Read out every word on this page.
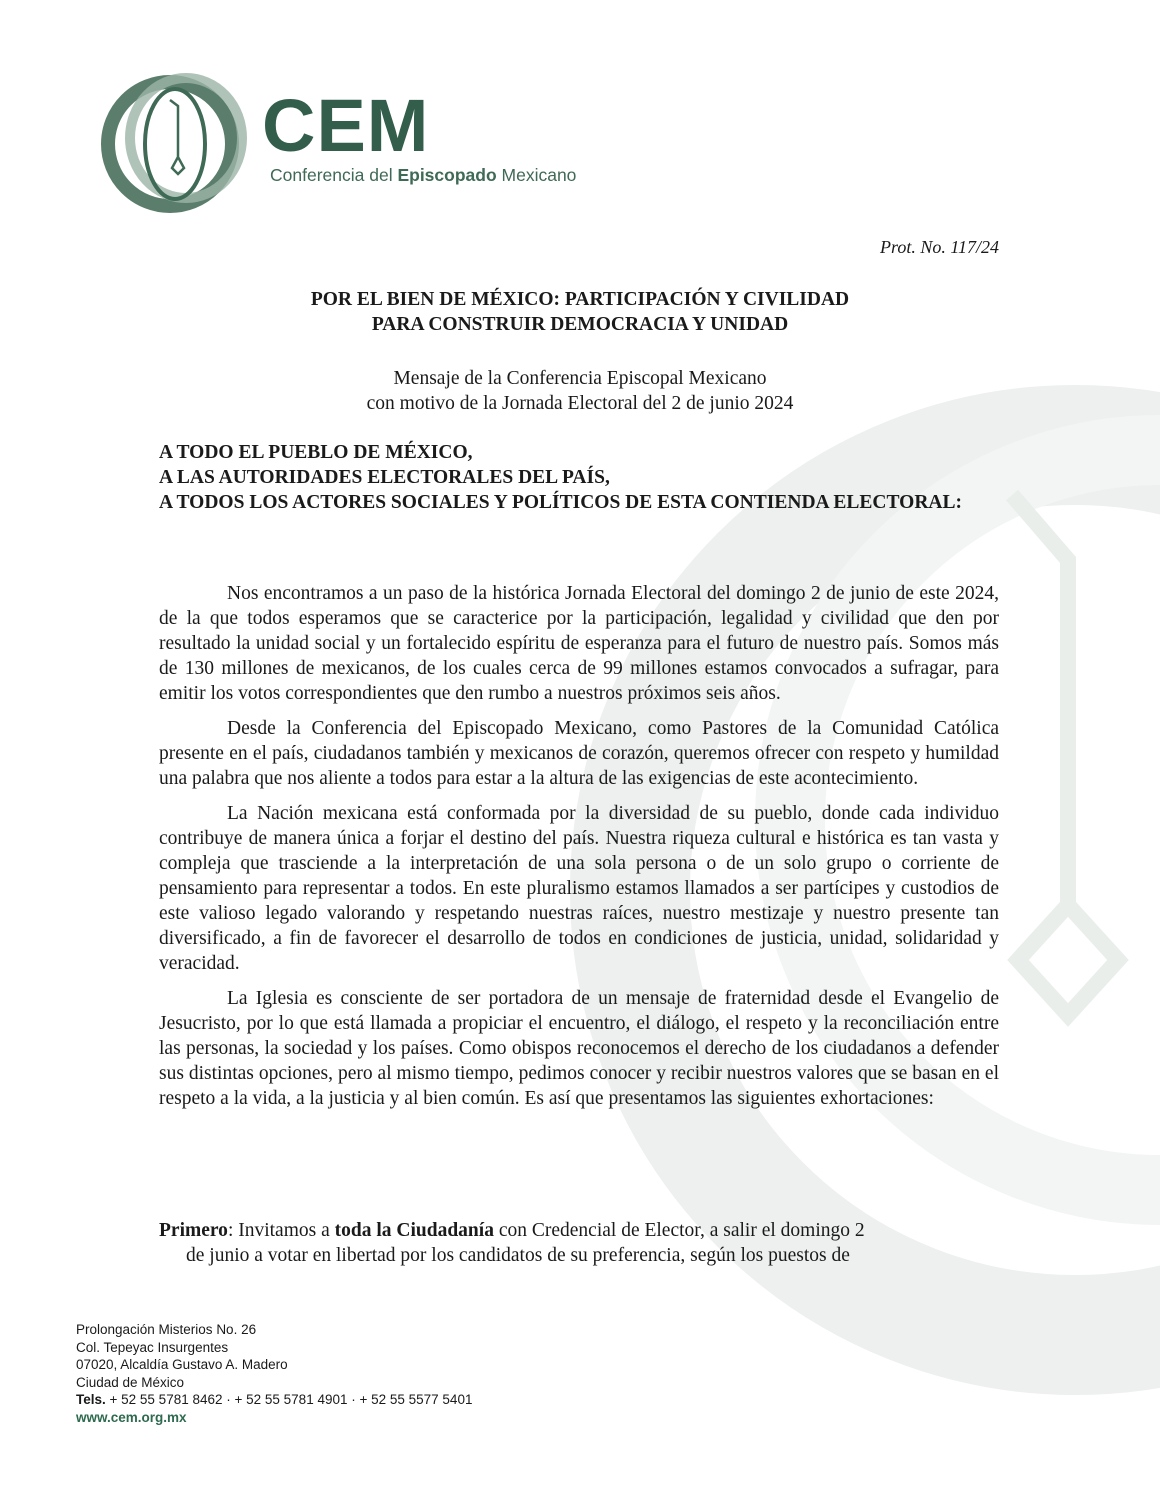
CEM
Conferencia del Episcopado Mexicano
Prot. No. 117/24
POR EL BIEN DE MÉXICO: PARTICIPACIÓN Y CIVILIDAD
PARA CONSTRUIR DEMOCRACIA Y UNIDAD
Mensaje de la Conferencia Episcopal Mexicano
con motivo de la Jornada Electoral del 2 de junio 2024
A TODO EL PUEBLO DE MÉXICO,
A LAS AUTORIDADES ELECTORALES DEL PAÍS,
A TODOS LOS ACTORES SOCIALES Y POLÍTICOS DE ESTA CONTIENDA ELECTORAL:

Nos encontramos a un paso de la histórica Jornada Electoral del domingo 2 de junio de este 2024, de la que todos esperamos que se caracterice por la participación, legalidad y civilidad que den por resultado la unidad social y un fortalecido espíritu de esperanza para el futuro de nuestro país. Somos más de 130 millones de mexicanos, de los cuales cerca de 99 millones estamos convocados a sufragar, para emitir los votos correspondientes que den rumbo a nuestros próximos seis años.

Desde la Conferencia del Episcopado Mexicano, como Pastores de la Comunidad Católica presente en el país, ciudadanos también y mexicanos de corazón, queremos ofrecer con respeto y humildad una palabra que nos aliente a todos para estar a la altura de las exigencias de este acontecimiento.

La Nación mexicana está conformada por la diversidad de su pueblo, donde cada individuo contribuye de manera única a forjar el destino del país. Nuestra riqueza cultural e histórica es tan vasta y compleja que trasciende a la interpretación de una sola persona o de un solo grupo o corriente de pensamiento para representar a todos. En este pluralismo estamos llamados a ser partícipes y custodios de este valioso legado valorando y respetando nuestras raíces, nuestro mestizaje y nuestro presente tan diversificado, a fin de favorecer el desarrollo de todos en condiciones de justicia, unidad, solidaridad y veracidad.

La Iglesia es consciente de ser portadora de un mensaje de fraternidad desde el Evangelio de Jesucristo, por lo que está llamada a propiciar el encuentro, el diálogo, el respeto y la reconciliación entre las personas, la sociedad y los países. Como obispos reconocemos el derecho de los ciudadanos a defender sus distintas opciones, pero al mismo tiempo, pedimos conocer y recibir nuestros valores que se basan en el respeto a la vida, a la justicia y al bien común. Es así que presentamos las siguientes exhortaciones:

Primero: Invitamos a toda la Ciudadanía con Credencial de Elector, a salir el domingo 2
de junio a votar en libertad por los candidatos de su preferencia, según los puestos de
Prolongación Misterios No. 26
Col. Tepeyac Insurgentes
07020, Alcaldía Gustavo A. Madero
Ciudad de México
Tels. + 52 55 5781 8462 · + 52 55 5781 4901 · + 52 55 5577 5401
www.cem.org.mx
